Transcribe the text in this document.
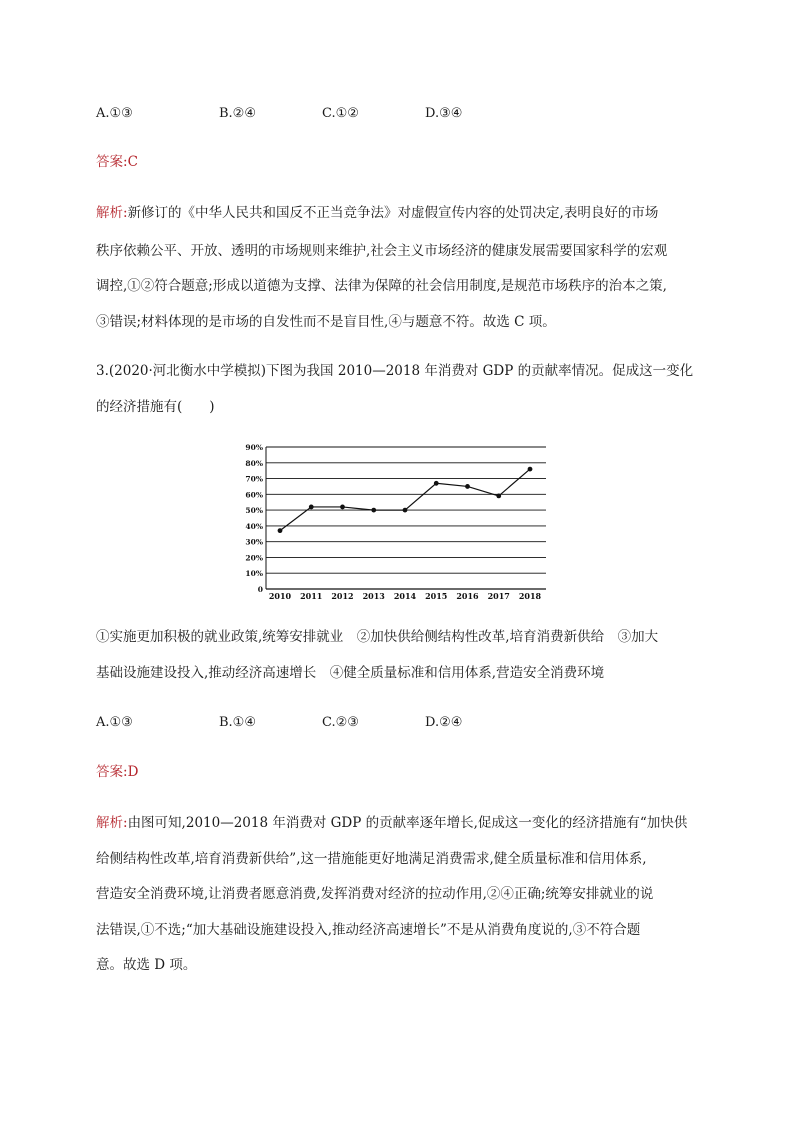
A.①③	B.②④	C.①②	D.③④
答案:C
解析:新修订的《中华人民共和国反不正当竞争法》对虚假宣传内容的处罚决定,表明良好的市场
秩序依赖公平、开放、透明的市场规则来维护,社会主义市场经济的健康发展需要国家科学的宏观
调控,①②符合题意;形成以道德为支撑、法律为保障的社会信用制度,是规范市场秩序的治本之策,
③错误;材料体现的是市场的自发性而不是盲目性,④与题意不符。故选 C 项。
3.(2020·河北衡水中学模拟)下图为我国 2010—2018 年消费对 GDP 的贡献率情况。促成这一变化
的经济措施有(　　)
0
10%
20%
30%
40%
50%
60%
70%
80%
90%
2010 2011 2012 2013 2014 2015 2016 2017 2018
①实施更加积极的就业政策,统筹安排就业　②加快供给侧结构性改革,培育消费新供给　③加大
基础设施建设投入,推动经济高速增长　④健全质量标准和信用体系,营造安全消费环境
A.①③	B.①④	C.②③	D.②④
答案:D
解析:由图可知,2010—2018 年消费对 GDP 的贡献率逐年增长,促成这一变化的经济措施有“加快供
给侧结构性改革,培育消费新供给”,这一措施能更好地满足消费需求,健全质量标准和信用体系,
营造安全消费环境,让消费者愿意消费,发挥消费对经济的拉动作用,②④正确;统筹安排就业的说
法错误,①不选;“加大基础设施建设投入,推动经济高速增长”不是从消费角度说的,③不符合题
意。故选 D 项。
